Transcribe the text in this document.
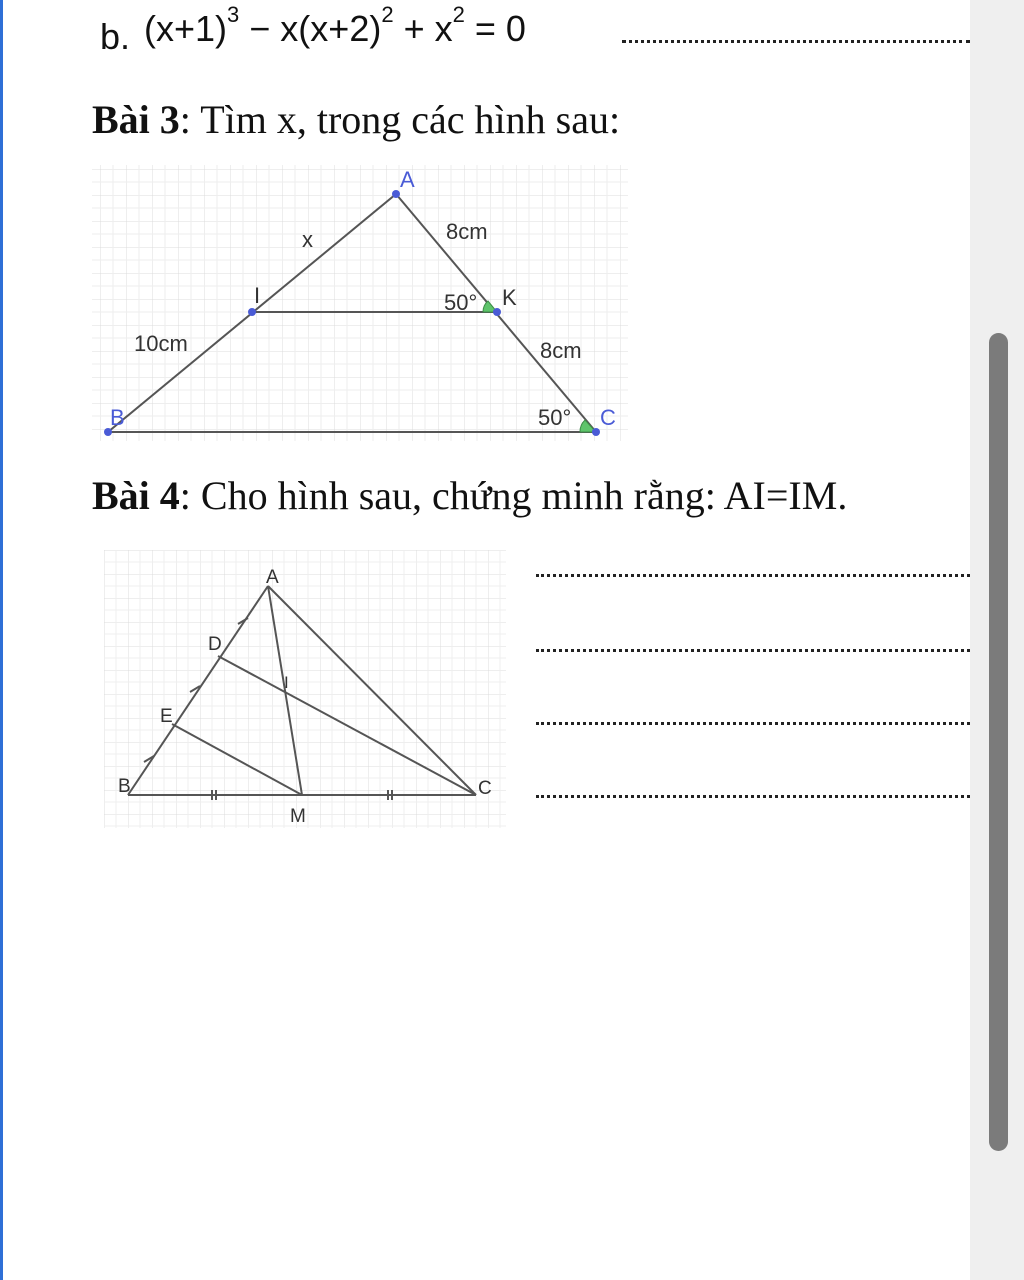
b. $(x+1)^3 - x(x+2)^2 + x^2 = 0$
Bài 3: Tìm x, trong các hình sau:
A
I	K
B	C
x	8cm
10cm	8cm
50°
50°
Bài 4: Cho hình sau, chứng minh rằng: AI=IM.
A
D
E
I
B	C
M
